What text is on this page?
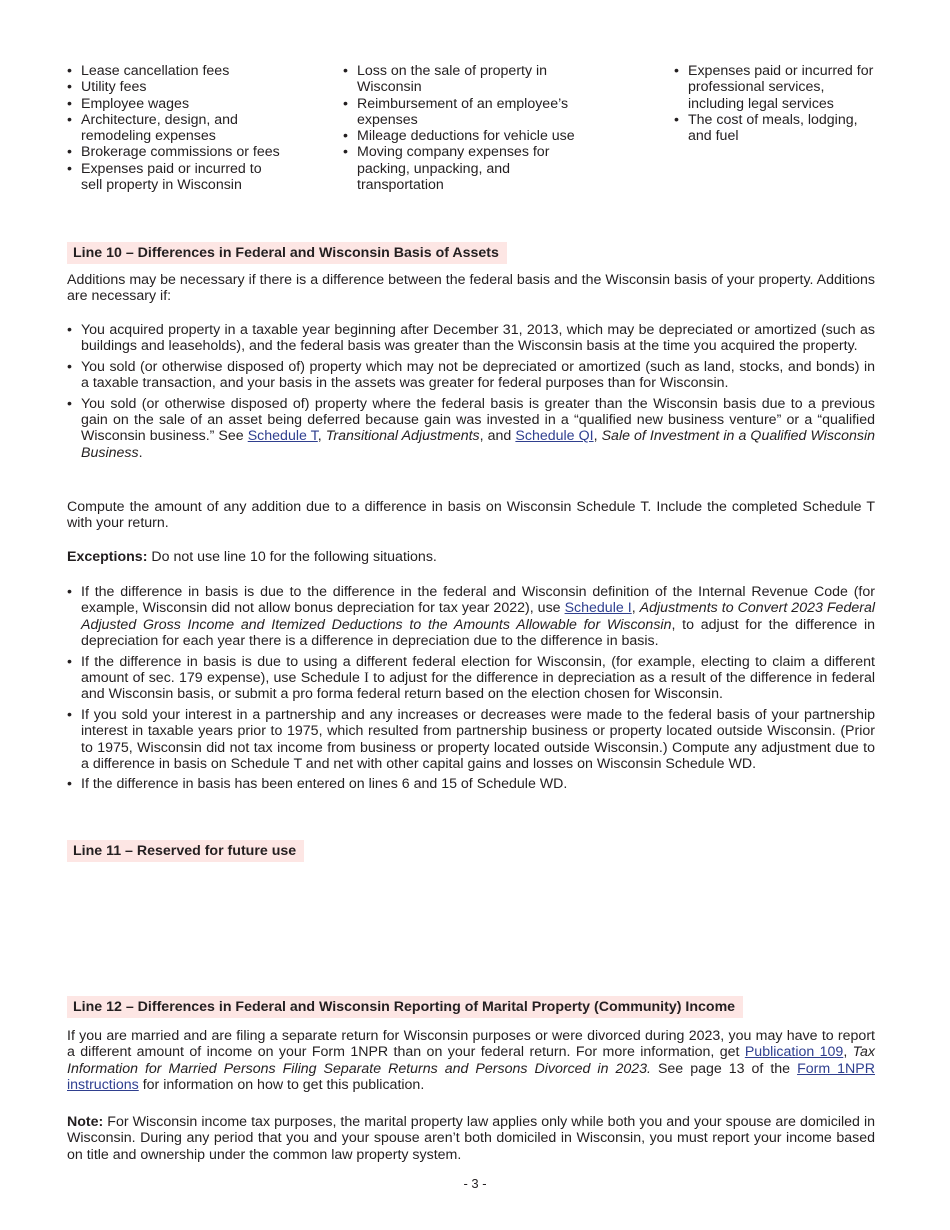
• Lease cancellation fees
• Utility fees
• Employee wages
• Architecture, design, and remodeling expenses
• Brokerage commissions or fees
• Expenses paid or incurred to sell property in Wisconsin
• Loss on the sale of property in Wisconsin
• Reimbursement of an employee’s expenses
• Mileage deductions for vehicle use
• Moving company expenses for packing, unpacking, and transportation
• Expenses paid or incurred for professional services, including legal services
• The cost of meals, lodging, and fuel
Line 10 – Differences in Federal and Wisconsin Basis of Assets

Additions may be necessary if there is a difference between the federal basis and the Wisconsin basis of your property. Additions are necessary if:

• You acquired property in a taxable year beginning after December 31, 2013, which may be depreciated or amortized (such as buildings and leaseholds), and the federal basis was greater than the Wisconsin basis at the time you acquired the property.
• You sold (or otherwise disposed of) property which may not be depreciated or amortized (such as land, stocks, and bonds) in a taxable transaction, and your basis in the assets was greater for federal purposes than for Wisconsin.
• You sold (or otherwise disposed of) property where the federal basis is greater than the Wisconsin basis due to a previous gain on the sale of an asset being deferred because gain was invested in a “qualified new business venture” or a “qualified Wisconsin business.” See Schedule T, Transitional Adjustments, and Schedule QI, Sale of Investment in a Qualified Wisconsin Business.

Compute the amount of any addition due to a difference in basis on Wisconsin Schedule T. Include the completed Schedule T with your return.

Exceptions: Do not use line 10 for the following situations.

• If the difference in basis is due to the difference in the federal and Wisconsin definition of the Internal Revenue Code (for example, Wisconsin did not allow bonus depreciation for tax year 2022), use Schedule I, Adjustments to Convert 2023 Federal Adjusted Gross Income and Itemized Deductions to the Amounts Allowable for Wisconsin, to adjust for the difference in depreciation for each year there is a difference in depreciation due to the difference in basis.
• If the difference in basis is due to using a different federal election for Wisconsin, (for example, electing to claim a different amount of sec. 179 expense), use Schedule I to adjust for the difference in depreciation as a result of the difference in federal and Wisconsin basis, or submit a pro forma federal return based on the election chosen for Wisconsin.
• If you sold your interest in a partnership and any increases or decreases were made to the federal basis of your partnership interest in taxable years prior to 1975, which resulted from partnership business or property located outside Wisconsin. (Prior to 1975, Wisconsin did not tax income from business or property located outside Wisconsin.) Compute any adjustment due to a difference in basis on Schedule T and net with other capital gains and losses on Wisconsin Schedule WD.
• If the difference in basis has been entered on lines 6 and 15 of Schedule WD.
Line 11 – Reserved for future use
Line 12 – Differences in Federal and Wisconsin Reporting of Marital Property (Community) Income

If you are married and are filing a separate return for Wisconsin purposes or were divorced during 2023, you may have to report a different amount of income on your Form 1NPR than on your federal return. For more information, get Publication 109, Tax Information for Married Persons Filing Separate Returns and Persons Divorced in 2023. See page 13 of the Form 1NPR instructions for information on how to get this publication.

Note: For Wisconsin income tax purposes, the marital property law applies only while both you and your spouse are domiciled in Wisconsin. During any period that you and your spouse aren’t both domiciled in Wisconsin, you must report your income based on title and ownership under the common law property system.

- 3 -
